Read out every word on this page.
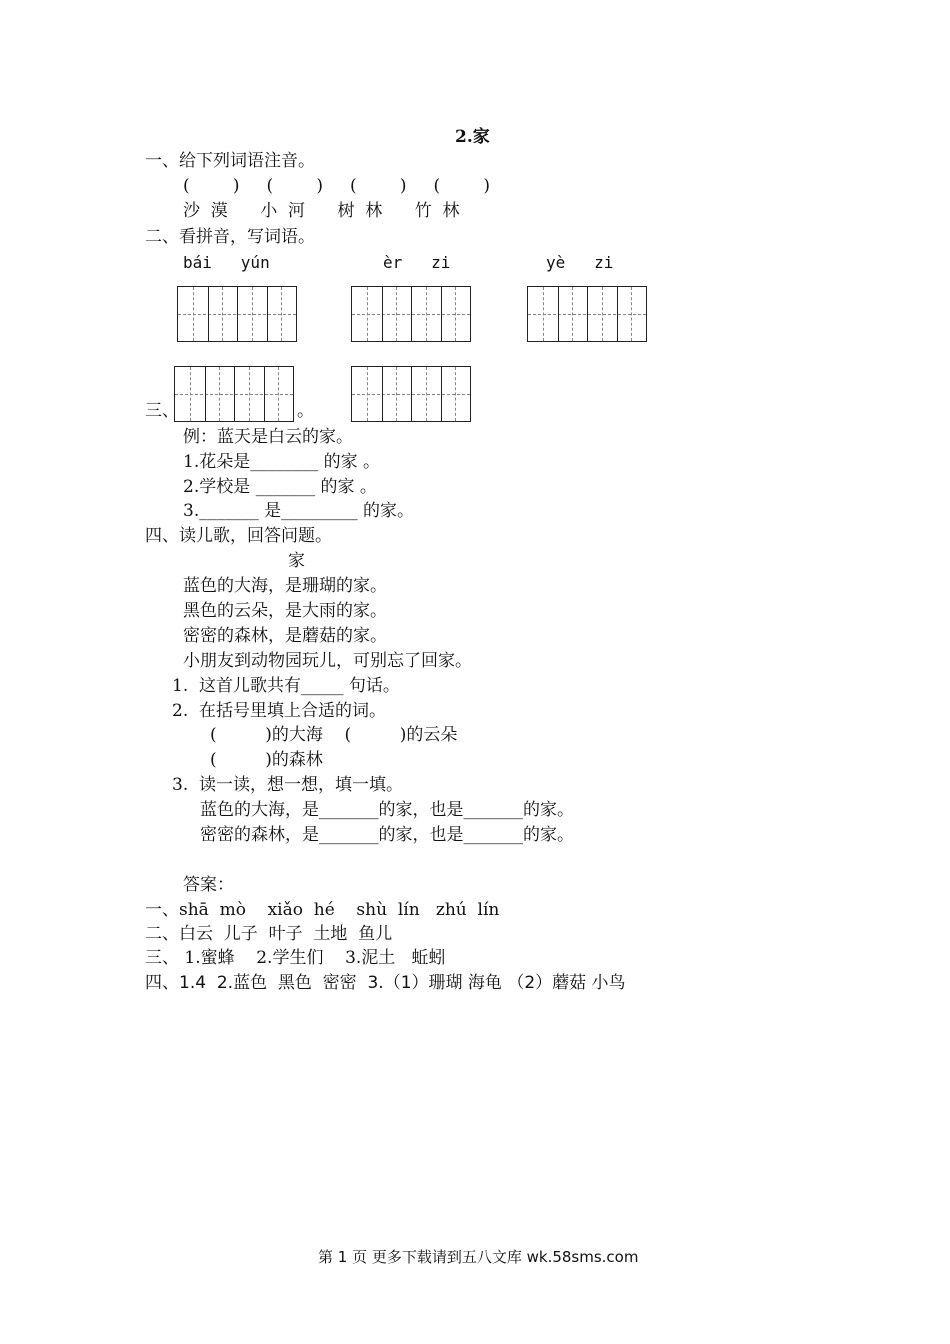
2.家
一、给下列词语注音。
(        )     (        )     (        )     (        )
沙  漠      小  河      树  林      竹  林
二、看拼音，写词语。
bái   yún	èr   zi	yè   zi
三、	。
例：蓝天是白云的家。
1.花朵是________ 的家 。
2.学校是 _______ 的家 。
3._______ 是_________ 的家。
四、读儿歌，回答问题。
家
蓝色的大海，是珊瑚的家。
黑色的云朵，是大雨的家。
密密的森林，是蘑菇的家。
小朋友到动物园玩儿，可别忘了回家。
1.  这首儿歌共有_____ 句话。
2.  在括号里填上合适的词。
(         )的大海    (         )的云朵
(         )的森林
3.  读一读，想一想，填一填。
蓝色的大海，是_______的家，也是_______的家。
密密的森林，是_______的家，也是_______的家。
答案：
一、shā  mò    xiǎo  hé    shù  lín   zhú  lín
二、白云  儿子  叶子  土地  鱼儿
三、 1.蜜蜂    2.学生们    3.泥土   蚯蚓
四、1.4  2.蓝色  黑色  密密  3.（1）珊瑚 海龟 （2）蘑菇 小鸟
第 1 页 更多下载请到五八文库 wk.58sms.com
